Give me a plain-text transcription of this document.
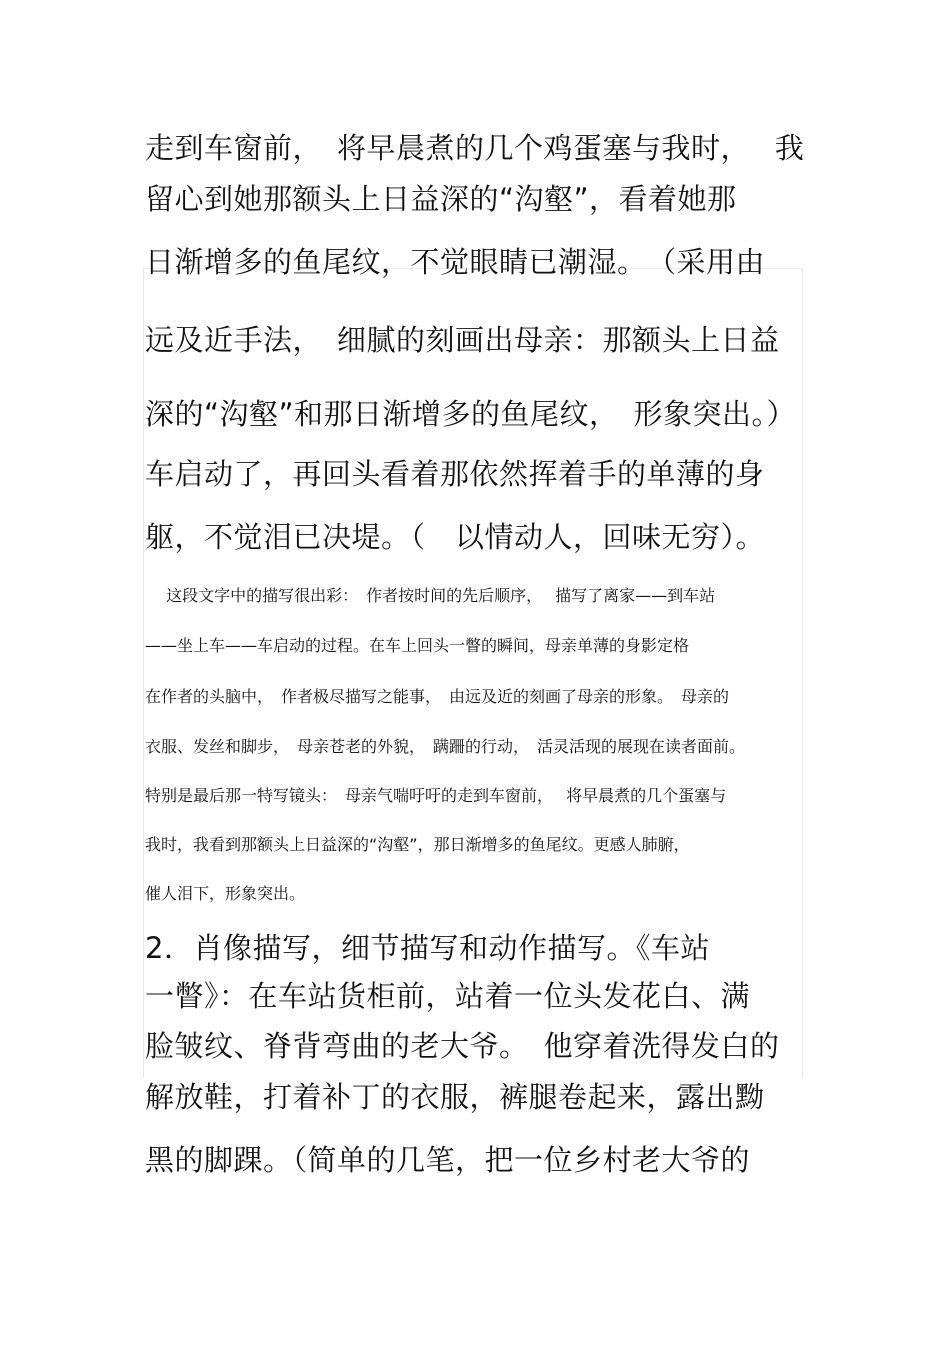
走到车窗前，　将早晨煮的几个鸡蛋塞与我时，　 我
留心到她那额头上日益深的“沟壑”，看着她那
日渐增多的鱼尾纹，不觉眼睛已潮湿。　（采用由
远及近手法，　细腻的刻画出母亲：那额头上日益
深的“沟壑”和那日渐增多的鱼尾纹，　形象突出。）
车启动了，再回头看着那依然挥着手的单薄的身
躯，不觉泪已决堤。（　以情动人，回味无穷）。
　 这段文字中的描写很出彩：　作者按时间的先后顺序，　 描写了离家——到车站
——坐上车——车启动的过程。在车上回头一瞥的瞬间，母亲单薄的身影定格
在作者的头脑中，　作者极尽描写之能事，　由远及近的刻画了母亲的形象。　母亲的
衣服、发丝和脚步，　母亲苍老的外貌，　蹒跚的行动，　活灵活现的展现在读者面前。
特别是最后那一特写镜头：　母亲气喘吁吁的走到车窗前，　 将早晨煮的几个蛋塞与
我时，我看到那额头上日益深的“沟壑”，那日渐增多的鱼尾纹。更感人肺腑，
催人泪下，形象突出。
2．肖像描写，细节描写和动作描写。《车站
一瞥》：在车站货柜前，站着一位头发花白、满
脸皱纹、脊背弯曲的老大爷。　他穿着洗得发白的
解放鞋，打着补丁的衣服，裤腿卷起来，露出黝
黑的脚踝。（简单的几笔，把一位乡村老大爷的
